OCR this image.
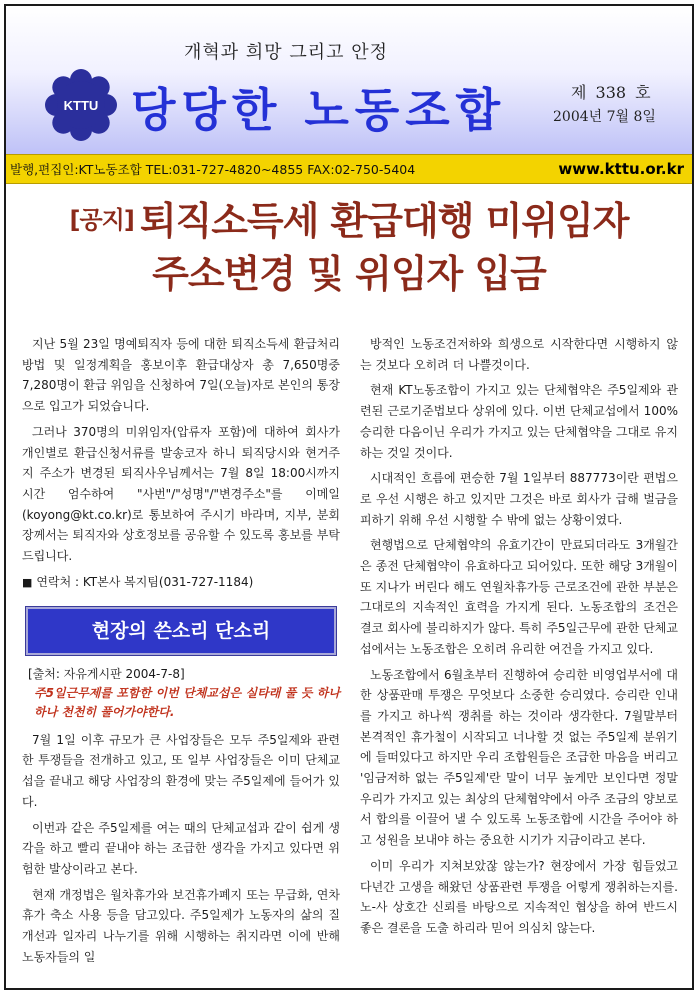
개혁과 희망 그리고 안정
KTTU 당당한 노동조합	제 338 호
2004년 7월 8일
발행,편집인:KT노동조합 TEL:031-727-4820~4855 FAX:02-750-5404	www.kttu.or.kr
[공지] 퇴직소득세 환급대행 미위임자
주소변경 및 위임자 입금

지난 5월 23일 명예퇴직자 등에 대한 퇴직소득세 환급처리 방법 및 일정계획을 홍보이후 환급대상자 총 7,650명중 7,280명이 환급 위임을 신청하여 7일(오늘)자로 본인의 통장으로 입고가 되었습니다.

그러나 370명의 미위임자(압류자 포함)에 대하여 회사가 개인별로 환급신청서류를 발송코자 하니 퇴직당시와 현거주지 주소가 변경된 퇴직사우님께서는 7월 8일 18:00시까지 시간 엄수하여 "사번"/"성명"/"변경주소"를 이메일 (koyong@kt.co.kr)로 통보하여 주시기 바라며, 지부, 분회장께서는 퇴직자와 상호정보를 공유할 수 있도록 홍보를 부탁드립니다.

■ 연락처 : KT본사 복지팀(031-727-1184)
현장의 쓴소리 단소리
[출처: 자유게시판 2004-7-8]
주5일근무제를 포함한 이번 단체교섭은 실타래 풀 듯 하나하나 천천히 풀어가야한다.

7월 1일 이후 규모가 큰 사업장들은 모두 주5일제와 관련한 투쟁들을 전개하고 있고, 또 일부 사업장들은 이미 단체교섭을 끝내고 해당 사업장의 환경에 맞는 주5일제에 들어가 있다.

이번과 같은 주5일제를 여는 때의 단체교섭과 같이 쉽게 생각을 하고 빨리 끝내야 하는 조급한 생각을 가지고 있다면 위험한 발상이라고 본다.

현재 개정법은 월차휴가와 보건휴가폐지 또는 무급화, 연차휴가 축소 사용 등을 담고있다. 주5일제가 노동자의 삶의 질 개선과 일자리 나누기를 위해 시행하는 취지라면 이에 반해 노동자들의 일

방적인 노동조건저하와 희생으로 시작한다면 시행하지 않는 것보다 오히려 더 나쁠것이다.

현재 KT노동조합이 가지고 있는 단체협약은 주5일제와 관련된 근로기준법보다 상위에 있다. 이번 단체교섭에서 100% 승리한 다음이닌 우리가 가지고 있는 단체협약을 그대로 유지하는 것일 것이다.

시대적인 흐름에 편승한 7월 1일부터 887773이란 편법으로 우선 시행은 하고 있지만 그것은 바로 회사가 급해 벌금을 피하기 위해 우선 시행할 수 밖에 없는 상황이였다.

현행법으로 단체협약의 유효기간이 만료되더라도 3개월간은 종전 단체협약이 유효하다고 되어있다. 또한 해당 3개월이 또 지나가 버린다 해도 연월차휴가등 근로조건에 관한 부분은 그대로의 지속적인 효력을 가지게 된다. 노동조합의 조건은 결코 회사에 불리하지가 않다. 특히 주5일근무에 관한 단체교섭에서는 노동조합은 오히려 유리한 여건을 가지고 있다.

노동조합에서 6월초부터 진행하여 승리한 비영업부서에 대한 상품판매 투쟁은 무엇보다 소중한 승리였다. 승리란 인내를 가지고 하나씩 쟁취를 하는 것이라 생각한다. 7월말부터 본격적인 휴가철이 시작되고 너나할 것 없는 주5일제 분위기에 들떠있다고 하지만 우리 조합원들은 조급한 마음을 버리고 '임금저하 없는 주5일제'란 말이 너무 높게만 보인다면 정말 우리가 가지고 있는 최상의 단체협약에서 아주 조금의 양보로서 합의를 이끌어 낼 수 있도록 노동조합에 시간을 주어야 하고 성원을 보내야 하는 중요한 시기가 지금이라고 본다.

이미 우리가 지쳐보았잖 않는가? 현장에서 가장 힘들었고 다년간 고생을 해왔던 상품관련 투쟁을 어렇게 쟁취하는지를. 노-사 상호간 신뢰를 바탕으로 지속적인 협상을 하여 반드시 좋은 결론을 도출 하리라 믿어 의심치 않는다.
